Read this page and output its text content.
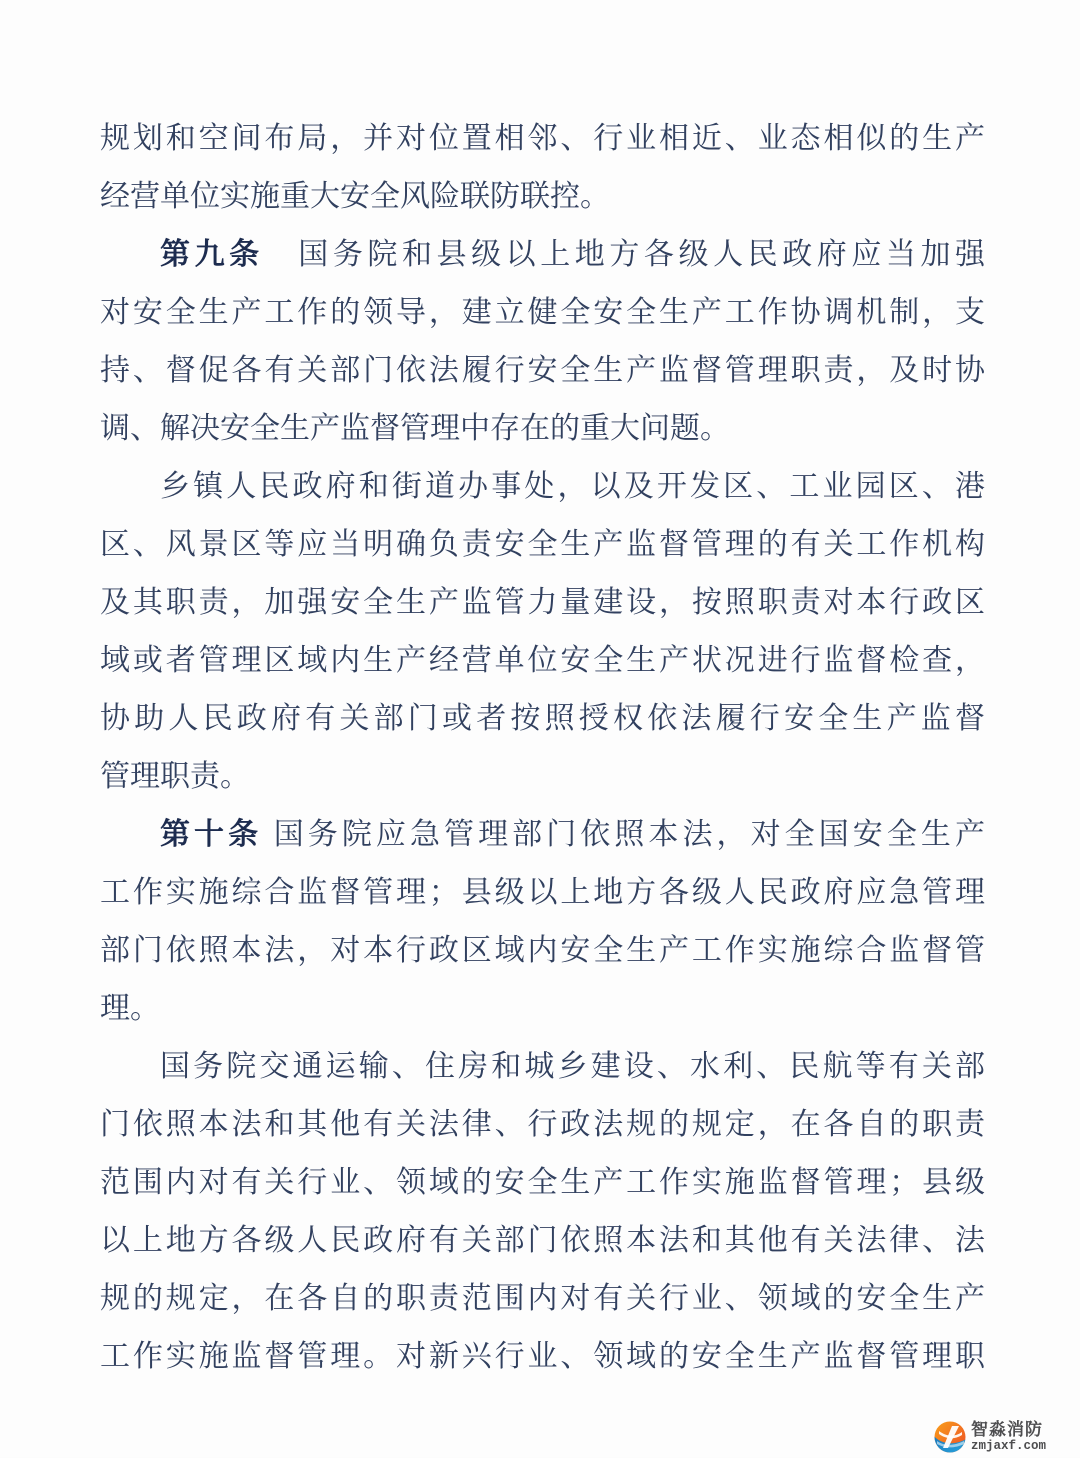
规划和空间布局，并对位置相邻、行业相近、业态相似的生产
经营单位实施重大安全风险联防联控。
第九条　 国务院和县级以上地方各级人民政府应当加强
对安全生产工作的领导，建立健全安全生产工作协调机制，支
持、督促各有关部门依法履行安全生产监督管理职责，及时协
调、解决安全生产监督管理中存在的重大问题。
乡镇人民政府和街道办事处，以及开发区、工业园区、港
区、风景区等应当明确负责安全生产监督管理的有关工作机构
及其职责，加强安全生产监管力量建设，按照职责对本行政区
域或者管理区域内生产经营单位安全生产状况进行监督检查，
协助人民政府有关部门或者按照授权依法履行安全生产监督
管理职责。
第十条 国务院应急管理部门依照本法，对全国安全生产
工作实施综合监督管理；县级以上地方各级人民政府应急管理
部门依照本法，对本行政区域内安全生产工作实施综合监督管
理。
国务院交通运输、住房和城乡建设、水利、民航等有关部
门依照本法和其他有关法律、行政法规的规定，在各自的职责
范围内对有关行业、领域的安全生产工作实施监督管理；县级
以上地方各级人民政府有关部门依照本法和其他有关法律、法
规的规定，在各自的职责范围内对有关行业、领域的安全生产
工作实施监督管理。对新兴行业、领域的安全生产监督管理职
智淼消防
zmjaxf.com
